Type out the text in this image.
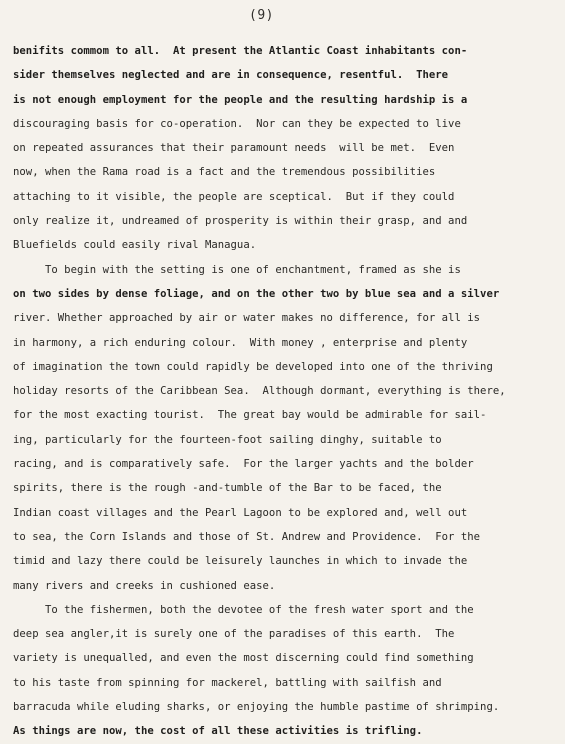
(9)
benifits commom to all.  At present the Atlantic Coast inhabitants con-
sider themselves neglected and are in consequence, resentful.  There
is not enough employment for the people and the resulting hardship is a
discouraging basis for co-operation.  Nor can they be expected to live
on repeated assurances that their paramount needs  will be met.  Even
now, when the Rama road is a fact and the tremendous possibilities
attaching to it visible, the people are sceptical.  But if they could
only realize it, undreamed of prosperity is within their grasp, and and
Bluefields could easily rival Managua.
To begin with the setting is one of enchantment, framed as she is
on two sides by dense foliage, and on the other two by blue sea and a silver
river. Whether approached by air or water makes no difference, for all is
in harmony, a rich enduring colour.  With money , enterprise and plenty
of imagination the town could rapidly be developed into one of the thriving
holiday resorts of the Caribbean Sea.  Although dormant, everything is there,
for the most exacting tourist.  The great bay would be admirable for sail-
ing, particularly for the fourteen-foot sailing dinghy, suitable to
racing, and is comparatively safe.  For the larger yachts and the bolder
spirits, there is the rough -and-tumble of the Bar to be faced, the
Indian coast villages and the Pearl Lagoon to be explored and, well out
to sea, the Corn Islands and those of St. Andrew and Providence.  For the
timid and lazy there could be leisurely launches in which to invade the
many rivers and creeks in cushioned ease.
To the fishermen, both the devotee of the fresh water sport and the
deep sea angler,it is surely one of the paradises of this earth.  The
variety is unequalled, and even the most discerning could find something
to his taste from spinning for mackerel, battling with sailfish and
barracuda while eluding sharks, or enjoying the humble pastime of shrimping.
As things are now, the cost of all these activities is trifling.
